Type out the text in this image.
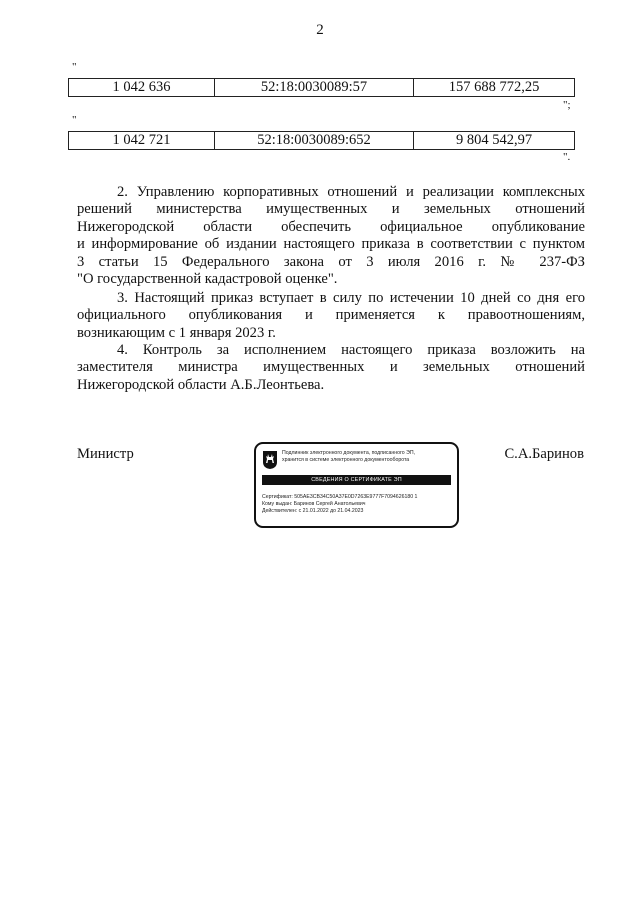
2
"
1 042 636	52:18:0030089:57	157 688 772,25
";
"
1 042 721	52:18:0030089:652	9 804 542,97
".
2. Управлению корпоративных отношений и реализации комплексных
решений министерства имущественных и земельных отношений
Нижегородской области обеспечить официальное опубликование
и информирование об издании настоящего приказа в соответствии с пунктом
3 статьи 15 Федерального закона от 3 июля 2016 г. № 237-ФЗ
"О государственной кадастровой оценке".
3. Настоящий приказ вступает в силу по истечении 10 дней со дня его
официального опубликования и применяется к правоотношениям,
возникающим с 1 января 2023 г.
4. Контроль за исполнением настоящего приказа возложить на
заместителя министра имущественных и земельных отношений
Нижегородской области А.Б.Леонтьева.
Министр	Подлинник электронного документа, подписанного ЭП,
хранится в системе электронного документооборота
СВЕДЕНИЯ О СЕРТИФИКАТЕ ЭП
Сертификат: 505AE3CB34C50A37E0D7263E9777F7094626180 1
Кому выдан: Баринов Сергей Анатольевич
Действителен: с 21.01.2022 до 21.04.2023
С.А.Баринов
